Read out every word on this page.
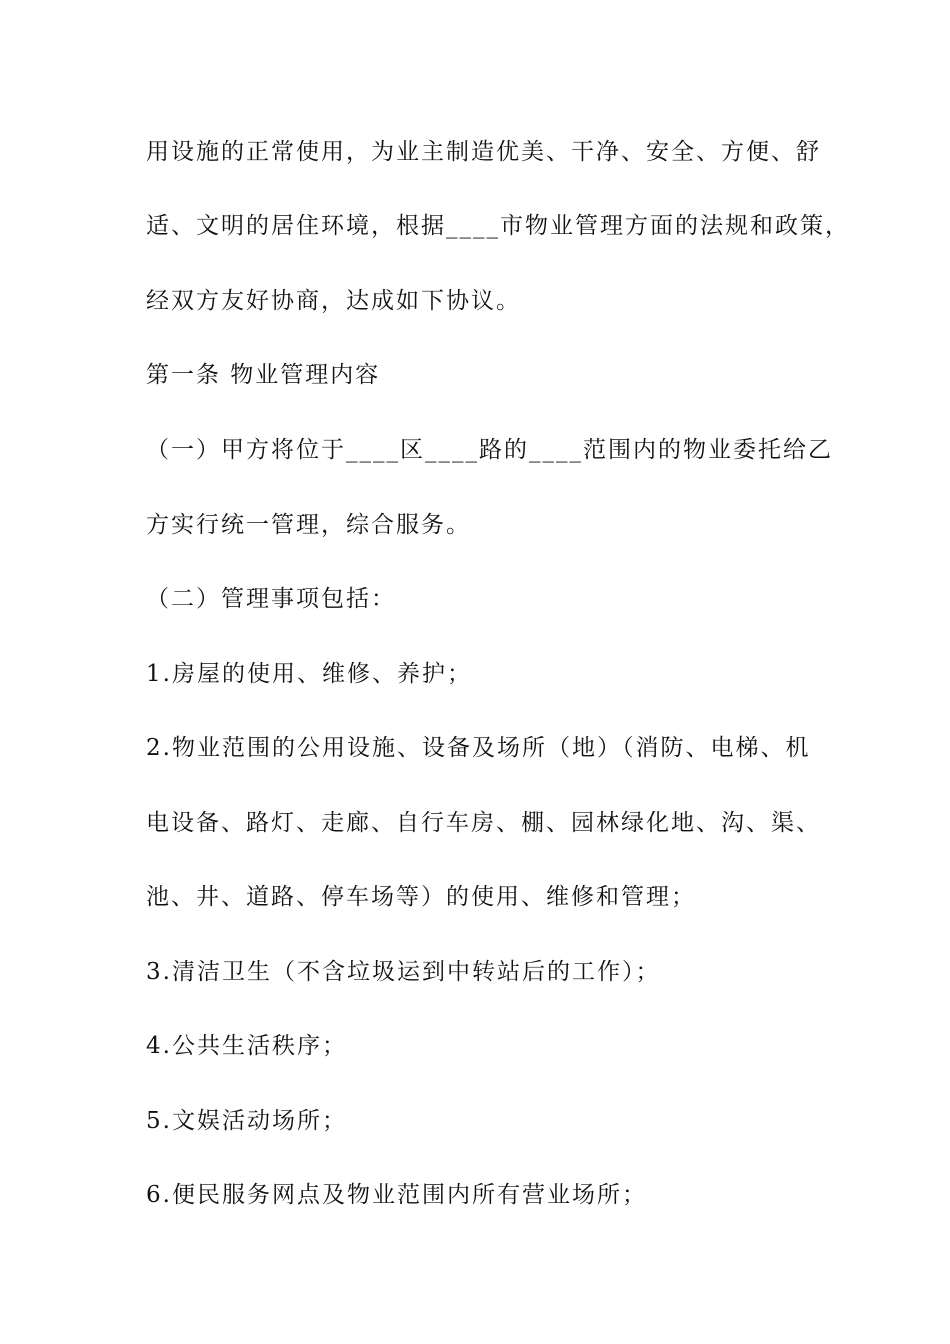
用设施的正常使用，为业主制造优美、干净、安全、方便、舒

适、文明的居住环境，根据____市物业管理方面的法规和政策，

经双方友好协商，达成如下协议。

第一条 物业管理内容

（一）甲方将位于____区____路的____范围内的物业委托给乙

方实行统一管理，综合服务。

（二）管理事项包括：

1.房屋的使用、维修、养护；

2.物业范围的公用设施、设备及场所（地）（消防、电梯、机

电设备、路灯、走廊、自行车房、棚、园林绿化地、沟、渠、

池、井、道路、停车场等）的使用、维修和管理；

3.清洁卫生（不含垃圾运到中转站后的工作）；

4.公共生活秩序；

5.文娱活动场所；

6.便民服务网点及物业范围内所有营业场所；
